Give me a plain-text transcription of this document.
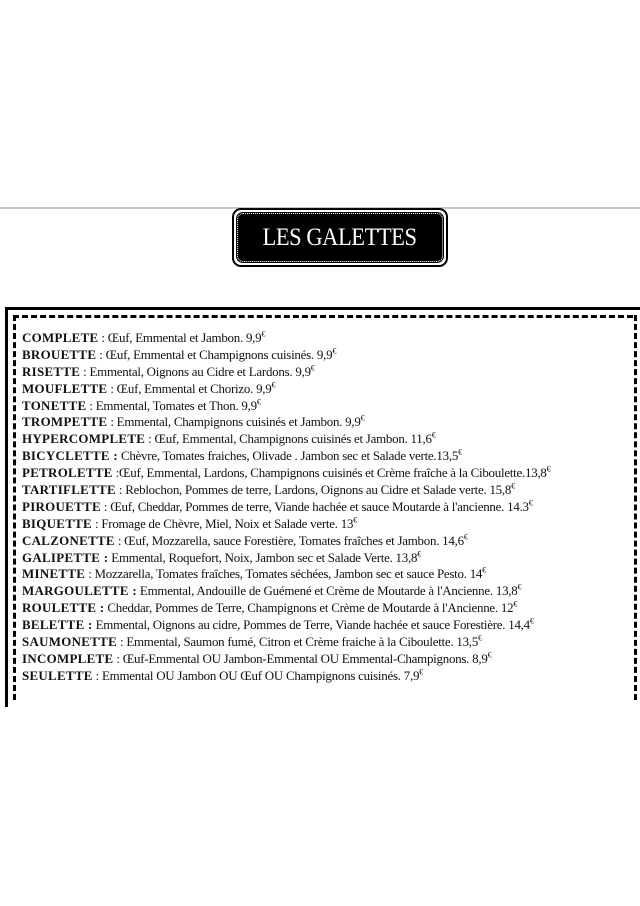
LES GALETTES
COMPLETE : Œuf, Emmental et Jambon. 9,9€
BROUETTE : Œuf, Emmental et Champignons cuisinés. 9,9€
RISETTE : Emmental, Oignons au Cidre et Lardons. 9,9€
MOUFLETTE : Œuf, Emmental et Chorizo. 9,9€
TONETTE : Emmental, Tomates et Thon. 9,9€
TROMPETTE : Emmental, Champignons cuisinés et Jambon. 9,9€
HYPERCOMPLETE : Œuf, Emmental, Champignons cuisinés et Jambon. 11,6€
BICYCLETTE : Chèvre, Tomates fraiches, Olivade . Jambon sec et Salade verte.13,5€
PETROLETTE :Œuf, Emmental, Lardons, Champignons cuisinés et Crème fraîche à la Ciboulette.13,8€
TARTIFLETTE : Reblochon, Pommes de terre, Lardons, Oignons au Cidre et Salade verte. 15,8€
PIROUETTE : Œuf, Cheddar, Pommes de terre, Viande hachée et sauce Moutarde à l'ancienne. 14.3€
BIQUETTE : Fromage de Chèvre, Miel, Noix et Salade verte. 13€
CALZONETTE : Œuf, Mozzarella, sauce Forestière, Tomates fraîches et Jambon. 14,6€
GALIPETTE : Emmental, Roquefort, Noix, Jambon sec et Salade Verte. 13,8€
MINETTE : Mozzarella, Tomates fraîches, Tomates séchées, Jambon sec et sauce Pesto. 14€
MARGOULETTE : Emmental, Andouille de Guémené et Crème de Moutarde à l'Ancienne. 13,8€
ROULETTE : Cheddar, Pommes de Terre, Champignons et Crème de Moutarde à l'Ancienne. 12€
BELETTE : Emmental, Oignons au cidre, Pommes de Terre, Viande hachée et sauce Forestière. 14,4€
SAUMONETTE : Emmental, Saumon fumé, Citron et Crème fraiche à la Ciboulette. 13,5€
INCOMPLETE : Œuf-Emmental OU Jambon-Emmental OU Emmental-Champignons. 8,9€
SEULETTE : Emmental OU Jambon OU Œuf OU Champignons cuisinés. 7,9€
